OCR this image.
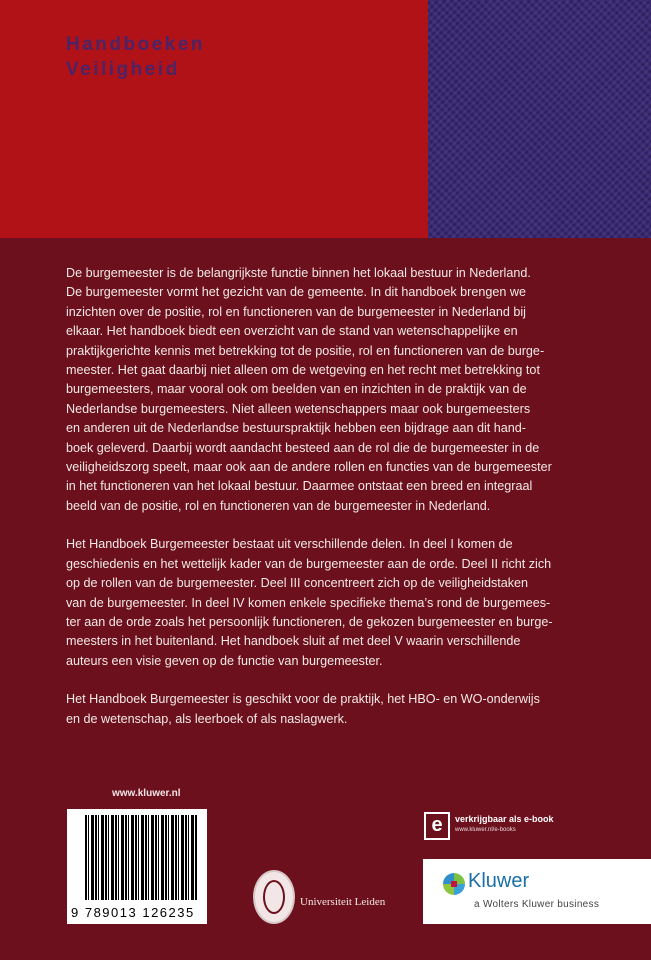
Handboeken
Veiligheid

De burgemeester is de belangrijkste functie binnen het lokaal bestuur in Nederland.
De burgemeester vormt het gezicht van de gemeente. In dit handboek brengen we
inzichten over de positie, rol en functioneren van de burgemeester in Nederland bij
elkaar. Het handboek biedt een overzicht van de stand van wetenschappelijke en
praktijkgerichte kennis met betrekking tot de positie, rol en functioneren van de burge-
meester. Het gaat daarbij niet alleen om de wetgeving en het recht met betrekking tot
burgemeesters, maar vooral ook om beelden van en inzichten in de praktijk van de
Nederlandse burgemeesters. Niet alleen wetenschappers maar ook burgemeesters
en anderen uit de Nederlandse bestuurspraktijk hebben een bijdrage aan dit hand-
boek geleverd. Daarbij wordt aandacht besteed aan de rol die de burgemeester in de
veiligheidszorg speelt, maar ook aan de andere rollen en functies van de burgemeester
in het functioneren van het lokaal bestuur. Daarmee ontstaat een breed en integraal
beeld van de positie, rol en functioneren van de burgemeester in Nederland.

Het Handboek Burgemeester bestaat uit verschillende delen. In deel I komen de
geschiedenis en het wettelijk kader van de burgemeester aan de orde. Deel II richt zich
op de rollen van de burgemeester. Deel III concentreert zich op de veiligheidstaken
van de burgemeester. In deel IV komen enkele specifieke thema’s rond de burgemees-
ter aan de orde zoals het persoonlijk functioneren, de gekozen burgemeester en burge-
meesters in het buitenland. Het handboek sluit af met deel V waarin verschillende
auteurs een visie geven op de functie van burgemeester.

Het Handboek Burgemeester is geschikt voor de praktijk, het HBO- en WO-onderwijs
en de wetenschap, als leerboek of als naslagwerk.

www.kluwer.nl
9 789013 126235
Universiteit Leiden
e	verkrijgbaar als e-book
www.kluwer.nl/e-books
Kluwer
a Wolters Kluwer business
